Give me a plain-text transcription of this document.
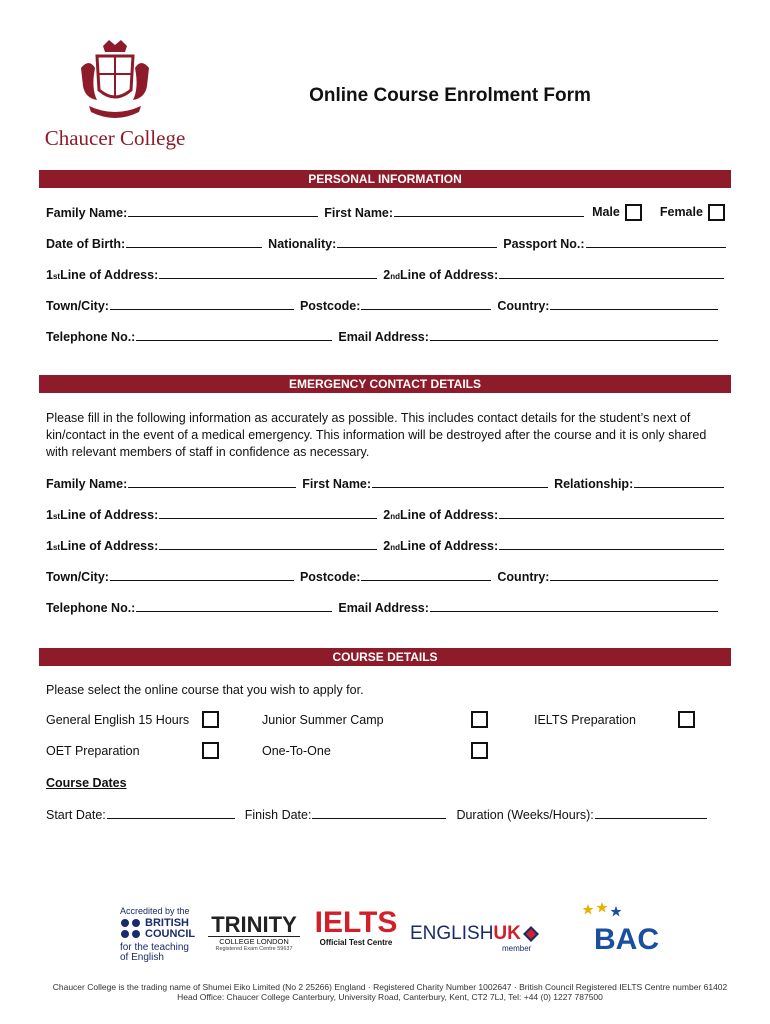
Chaucer College
Online Course Enrolment Form
PERSONAL INFORMATION
Family Name:	First Name:	Male	Female
Date of Birth:	Nationality:	Passport No.:
1 st Line of Address:	2 nd Line of Address:
Town/City:	Postcode:	Country:
Telephone No.:	Email Address:
EMERGENCY CONTACT DETAILS
Please fill in the following information as accurately as possible. This includes contact details for the student’s next of kin/contact in the event of a medical emergency. This information will be destroyed after the course and it is only shared with relevant members of staff in confidence as necessary.
Family Name:	First Name:	Relationship:
1 st Line of Address:	2 nd Line of Address:
1 st Line of Address:	2 nd Line of Address:
Town/City:	Postcode:	Country:
Telephone No.:	Email Address:
COURSE DETAILS
Please select the online course that you wish to apply for.
General English 15 Hours	Junior Summer Camp	IELTS Preparation
OET Preparation	One-To-One
Course Dates
Start Date:	Finish Date:	Duration (Weeks/Hours):
Accredited by the
BRITISH
COUNCIL
for the teaching of English
TRINITY
COLLEGE LONDON
Registered Exam Centre 59637
IELTS
Official Test Centre ENGLISH UK
member	BAC
Chaucer College is the trading name of Shumei Eiko Limited (No 2 25266) England · Registered Charity Number 1002647 · British Council Registered IELTS Centre number 61402
Head Office: Chaucer College Canterbury, University Road, Canterbury, Kent, CT2 7LJ, Tel: +44 (0) 1227 787500
